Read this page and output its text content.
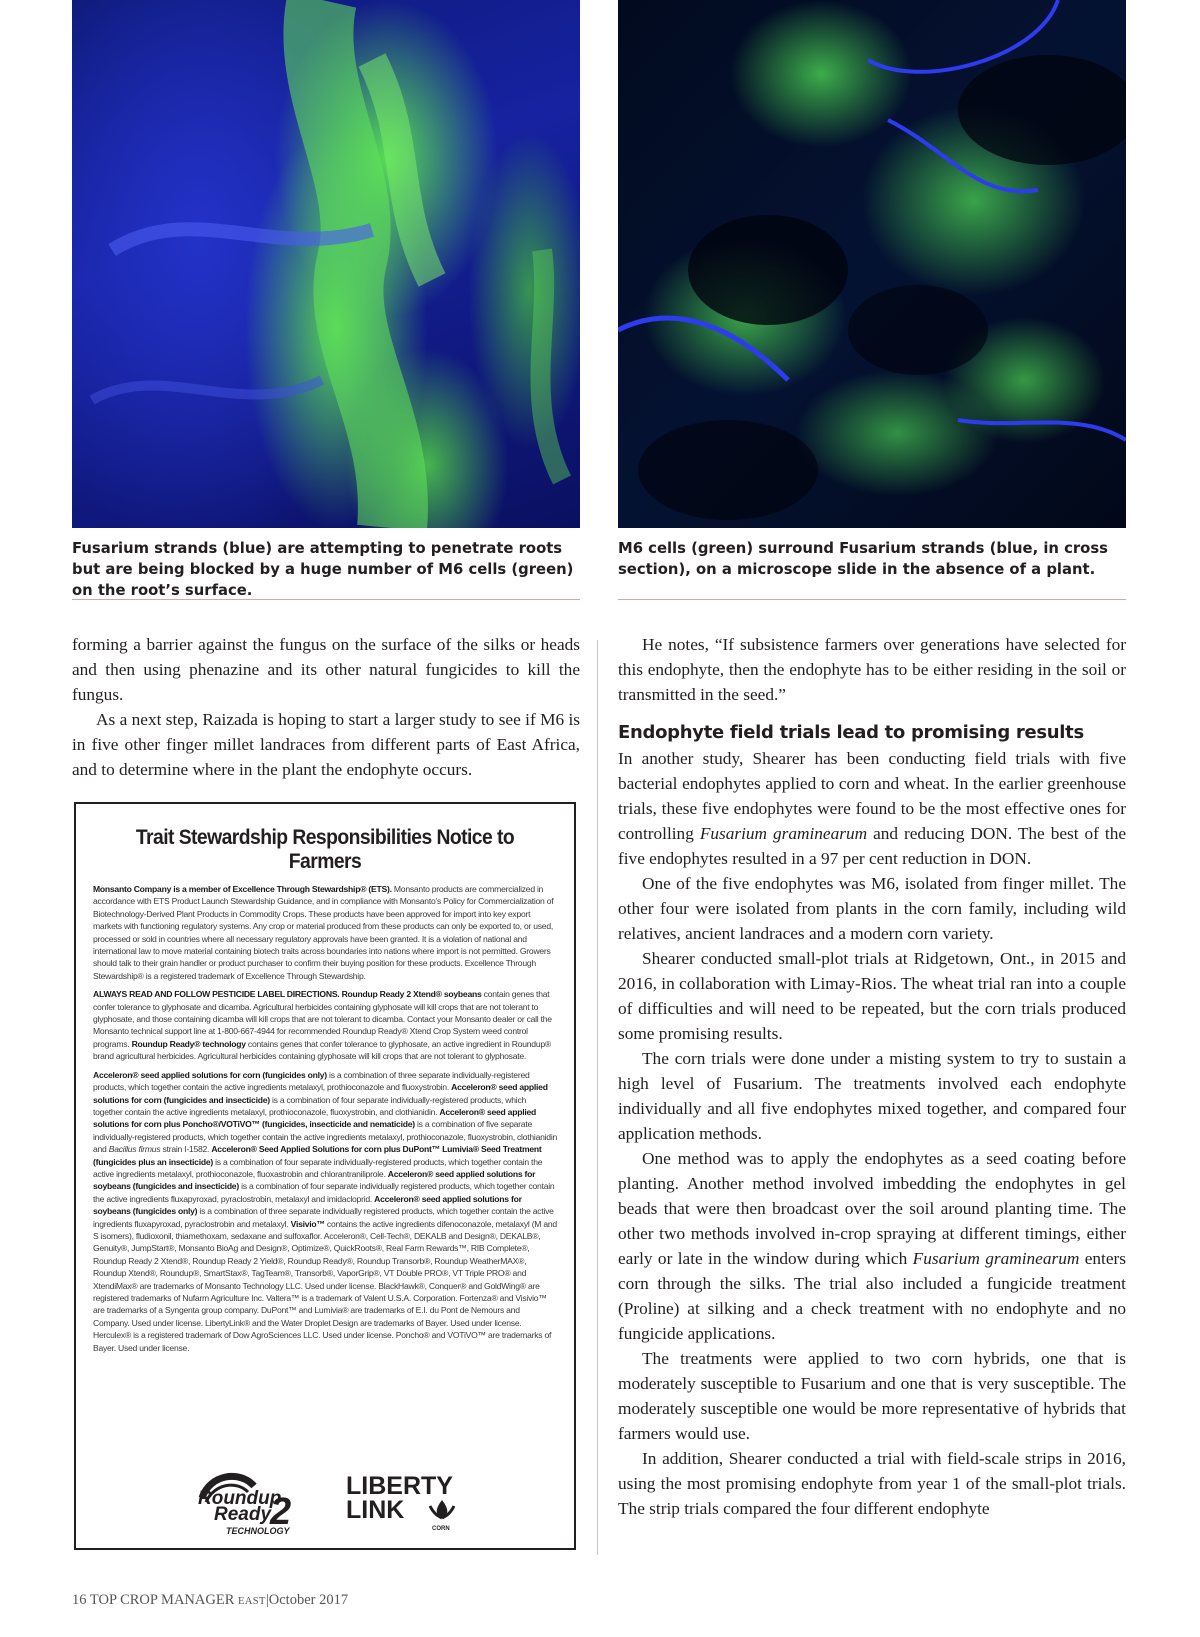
Fusarium strands (blue) are attempting to penetrate roots but are being blocked by a huge number of M6 cells (green) on the root’s surface.

M6 cells (green) surround Fusarium strands (blue, in cross section), on a microscope slide in the absence of a plant.

forming a barrier against the fungus on the surface of the silks or heads and then using phenazine and its other natural fungicides to kill the fungus.

As a next step, Raizada is hoping to start a larger study to see if M6 is in five other finger millet landraces from different parts of East Africa, and to determine where in the plant the endophyte occurs.

Trait Stewardship Responsibilities Notice to Farmers

Monsanto Company is a member of Excellence Through Stewardship® (ETS). Monsanto products are commercialized in accordance with ETS Product Launch Stewardship Guidance, and in compliance with Monsanto’s Policy for Commercialization of Biotechnology-Derived Plant Products in Commodity Crops. These products have been approved for import into key export markets with functioning regulatory systems. Any crop or material produced from these products can only be exported to, or used, processed or sold in countries where all necessary regulatory approvals have been granted. It is a violation of national and international law to move material containing biotech traits across boundaries into nations where import is not permitted. Growers should talk to their grain handler or product purchaser to confirm their buying position for these products. Excellence Through Stewardship® is a registered trademark of Excellence Through Stewardship.

ALWAYS READ AND FOLLOW PESTICIDE LABEL DIRECTIONS. Roundup Ready 2 Xtend® soybeans contain genes that confer tolerance to glyphosate and dicamba. Agricultural herbicides containing glyphosate will kill crops that are not tolerant to glyphosate, and those containing dicamba will kill crops that are not tolerant to dicamba. Contact your Monsanto dealer or call the Monsanto technical support line at 1-800-667-4944 for recommended Roundup Ready® Xtend Crop System weed control programs. Roundup Ready® technology contains genes that confer tolerance to glyphosate, an active ingredient in Roundup® brand agricultural herbicides. Agricultural herbicides containing glyphosate will kill crops that are not tolerant to glyphosate.

Acceleron® seed applied solutions for corn (fungicides only) is a combination of three separate individually-registered products, which together contain the active ingredients metalaxyl, prothioconazole and fluoxystrobin. Acceleron® seed applied solutions for corn (fungicides and insecticide) is a combination of four separate individually-registered products, which together contain the active ingredients metalaxyl, prothioconazole, fluoxystrobin, and clothianidin. Acceleron® seed applied solutions for corn plus Poncho®/VOTiVO™ (fungicides, insecticide and nematicide) is a combination of five separate individually-registered products, which together contain the active ingredients metalaxyl, prothioconazole, fluoxystrobin, clothianidin and Bacillus firmus strain I-1582. Acceleron® Seed Applied Solutions for corn plus DuPont™ Lumivia® Seed Treatment (fungicides plus an insecticide) is a combination of four separate individually-registered products, which together contain the active ingredients metalaxyl, prothioconazole, fluoxastrobin and chlorantraniliprole. Acceleron® seed applied solutions for soybeans (fungicides and insecticide) is a combination of four separate individually registered products, which together contain the active ingredients fluxapyroxad, pyraclostrobin, metalaxyl and imidacloprid. Acceleron® seed applied solutions for soybeans (fungicides only) is a combination of three separate individually registered products, which together contain the active ingredients fluxapyroxad, pyraclostrobin and metalaxyl. Visivio™ contains the active ingredients difenoconazole, metalaxyl (M and S isomers), fludioxonil, thiamethoxam, sedaxane and sulfoxaflor. Acceleron®, Cell-Tech®, DEKALB and Design®, DEKALB®, Genuity®, JumpStart®, Monsanto BioAg and Design®, Optimize®, QuickRoots®, Real Farm Rewards™, RIB Complete®, Roundup Ready 2 Xtend®, Roundup Ready 2 Yield®, Roundup Ready®, Roundup Transorb®, Roundup WeatherMAX®, Roundup Xtend®, Roundup®, SmartStax®, TagTeam®, Transorb®, VaporGrip®, VT Double PRO®, VT Triple PRO® and XtendiMax® are trademarks of Monsanto Technology LLC. Used under license. BlackHawk®, Conquer® and GoldWing® are registered trademarks of Nufarm Agriculture Inc. Valtera™ is a trademark of Valent U.S.A. Corporation. Fortenza® and Visivio™ are trademarks of a Syngenta group company. DuPont™ and Lumivia® are trademarks of E.I. du Pont de Nemours and Company. Used under license. LibertyLink® and the Water Droplet Design are trademarks of Bayer. Used under license. Herculex® is a registered trademark of Dow AgroSciences LLC. Used under license. Poncho® and VOTiVO™ are trademarks of Bayer. Used under license.

Roundup
Ready
2
TECHNOLOGY
LIBERTY
LINK
CORN

He notes, “If subsistence farmers over generations have selected for this endophyte, then the endophyte has to be either residing in the soil or transmitted in the seed.”

Endophyte field trials lead to promising results

In another study, Shearer has been conducting field trials with five bacterial endophytes applied to corn and wheat. In the earlier greenhouse trials, these five endophytes were found to be the most effective ones for controlling Fusarium graminearum and reducing DON. The best of the five endophytes resulted in a 97 per cent reduction in DON.

One of the five endophytes was M6, isolated from finger millet. The other four were isolated from plants in the corn family, including wild relatives, ancient landraces and a modern corn variety.

Shearer conducted small-plot trials at Ridgetown, Ont., in 2015 and 2016, in collaboration with Limay-Rios. The wheat trial ran into a couple of difficulties and will need to be repeated, but the corn trials produced some promising results.

The corn trials were done under a misting system to try to sustain a high level of Fusarium. The treatments involved each endophyte individually and all five endophytes mixed together, and compared four application methods.

One method was to apply the endophytes as a seed coating before planting. Another method involved imbedding the endophytes in gel beads that were then broadcast over the soil around planting time. The other two methods involved in-crop spraying at different timings, either early or late in the window during which Fusarium graminearum enters corn through the silks. The trial also included a fungicide treatment (Proline) at silking and a check treatment with no endophyte and no fungicide applications.

The treatments were applied to two corn hybrids, one that is moderately susceptible to Fusarium and one that is very susceptible. The moderately susceptible one would be more representative of hybrids that farmers would use.

In addition, Shearer conducted a trial with field-scale strips in 2016, using the most promising endophyte from year 1 of the small-plot trials. The strip trials compared the four different endophyte

16 TOP CROP MANAGER EAST|October 2017
